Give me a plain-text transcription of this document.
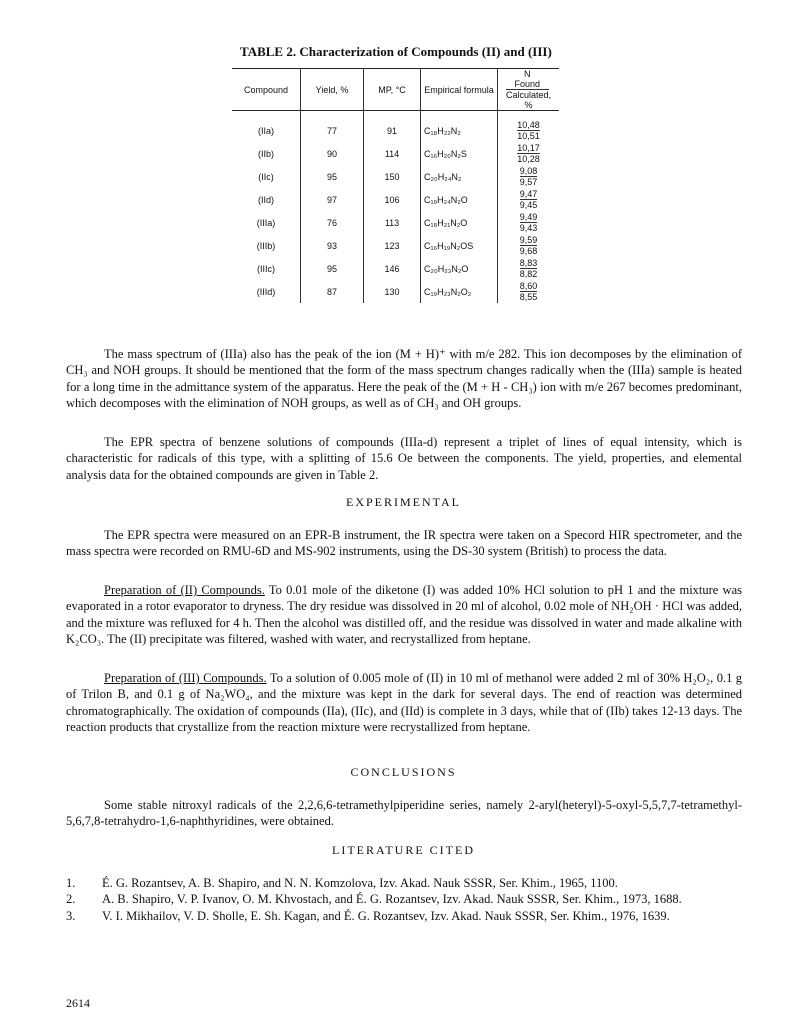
TABLE 2. Characterization of Compounds (II) and (III)
Compound	Yield, %	MP, °C	Empirical formula	N
Found
Calculated , %
(IIa)	77	91	C₁₈H₂₂N₂	$\frac{10,48}{10,51}$

(IIb)	90	114	C₁₆H₂₀N₂S	$\frac{10,17}{10,28}$

(IIc)	95	150	C₂₀H₂₄N₂	$\frac{9,08}{9,57}$

(IId)	97	106	C₁₉H₂₄N₂O	$\frac{9,47}{9,45}$

(IIIa)	76	113	C₁₈H₂₁N₂O	$\frac{9,49}{9,43}$

(IIIb)	93	123	C₁₆H₁₉N₂OS	$\frac{9,59}{9,68}$

(IIIc)	95	146	C₂₀H₂₃N₂O	$\frac{8,83}{8,82}$

(IIId)	87	130	C₁₉H₂₃N₂O₂	$\frac{8,60}{8,55}$
The mass spectrum of (IIIa) also has the peak of the ion (M + H)⁺ with m/e 282. This ion decomposes by the elimination of CH₃ and NOH groups. It should be mentioned that the form of the mass spectrum changes radically when the (IIIa) sample is heated for a long time in the admittance system of the apparatus. Here the peak of the (M + H - CH₃) ion with m/e 267 becomes predominant, which decomposes with the elimination of NOH groups, as well as of CH₃ and OH groups.
The EPR spectra of benzene solutions of compounds (IIIa-d) represent a triplet of lines of equal intensity, which is characteristic for radicals of this type, with a splitting of 15.6 Oe between the components. The yield, properties, and elemental analysis data for the obtained compounds are given in Table 2.
EXPERIMENTAL
The EPR spectra were measured on an EPR-B instrument, the IR spectra were taken on a Specord HIR spectrometer, and the mass spectra were recorded on RMU-6D and MS-902 instruments, using the DS-30 system (British) to process the data.
Preparation of (II) Compounds. To 0.01 mole of the diketone (I) was added 10% HCl solution to pH 1 and the mixture was evaporated in a rotor evaporator to dryness. The dry residue was dissolved in 20 ml of alcohol, 0.02 mole of NH₂OH · HCl was added, and the mixture was refluxed for 4 h. Then the alcohol was distilled off, and the residue was dissolved in water and made alkaline with K₂CO₃. The (II) precipitate was filtered, washed with water, and recrystallized from heptane.
Preparation of (III) Compounds. To a solution of 0.005 mole of (II) in 10 ml of methanol were added 2 ml of 30% H₂O₂, 0.1 g of Trilon B, and 0.1 g of Na₂WO₄, and the mixture was kept in the dark for several days. The end of reaction was determined chromatographically. The oxidation of compounds (IIa), (IIc), and (IId) is complete in 3 days, while that of (IIb) takes 12-13 days. The reaction products that crystallize from the reaction mixture were recrystallized from heptane.
CONCLUSIONS
Some stable nitroxyl radicals of the 2,2,6,6-tetramethylpiperidine series, namely 2-aryl(heteryl)-5-oxyl-5,5,7,7-tetramethyl-5,6,7,8-tetrahydro-1,6-naphthyridines, were obtained.
LITERATURE CITED
1.	É. G. Rozantsev, A. B. Shapiro, and N. N. Komzolova, Izv. Akad. Nauk SSSR, Ser. Khim., 1965, 1100.
2.	A. B. Shapiro, V. P. Ivanov, O. M. Khvostach, and É. G. Rozantsev, Izv. Akad. Nauk SSSR, Ser. Khim., 1973, 1688.
3.	V. I. Mikhailov, V. D. Sholle, E. Sh. Kagan, and É. G. Rozantsev, Izv. Akad. Nauk SSSR, Ser. Khim., 1976, 1639.
2614
